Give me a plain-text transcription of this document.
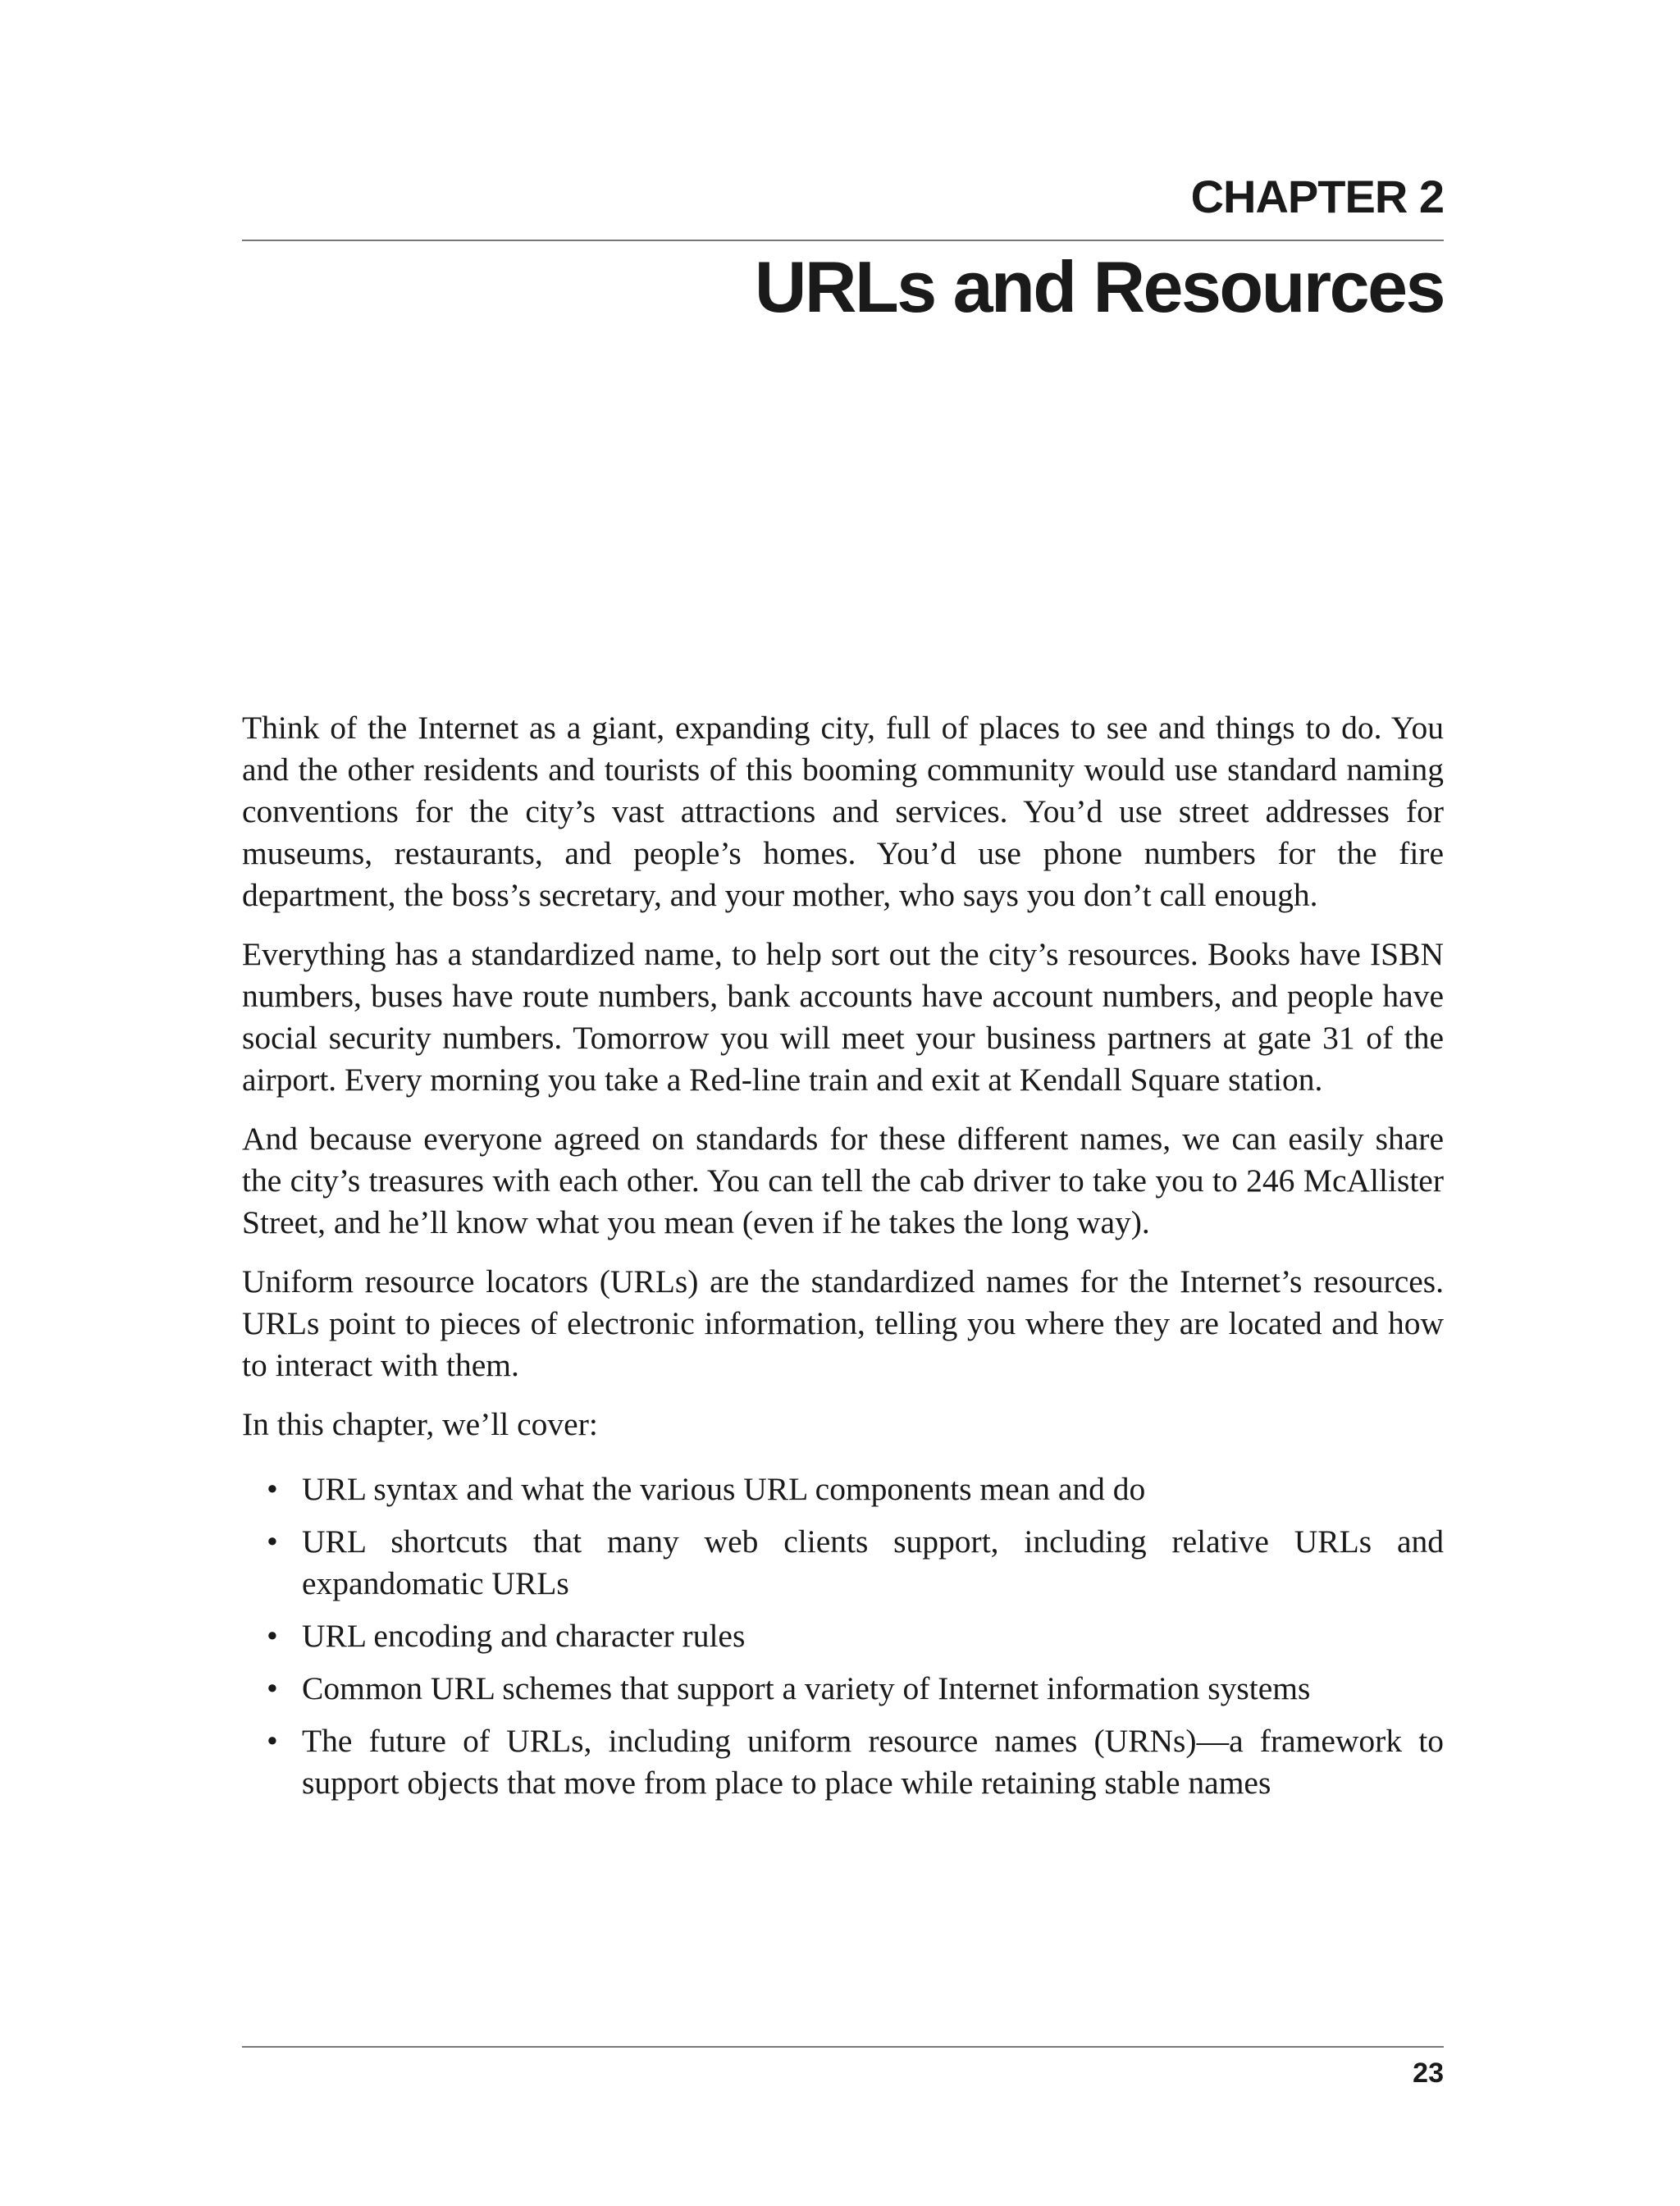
CHAPTER 2
URLs and Resources

Think of the Internet as a giant, expanding city, full of places to see and things to do. You and the other residents and tourists of this booming community would use standard naming conventions for the city’s vast attractions and services. You’d use street addresses for museums, restaurants, and people’s homes. You’d use phone numbers for the fire department, the boss’s secretary, and your mother, who says you don’t call enough.

Everything has a standardized name, to help sort out the city’s resources. Books have ISBN numbers, buses have route numbers, bank accounts have account numbers, and people have social security numbers. Tomorrow you will meet your business partners at gate 31 of the airport. Every morning you take a Red-line train and exit at Kendall Square station.

And because everyone agreed on standards for these different names, we can easily share the city’s treasures with each other. You can tell the cab driver to take you to 246 McAllister Street, and he’ll know what you mean (even if he takes the long way).

Uniform resource locators (URLs) are the standardized names for the Internet’s resources. URLs point to pieces of electronic information, telling you where they are located and how to interact with them.

In this chapter, we’ll cover:

• URL syntax and what the various URL components mean and do
• URL shortcuts that many web clients support, including relative URLs and expandomatic URLs
• URL encoding and character rules
• Common URL schemes that support a variety of Internet information systems
• The future of URLs, including uniform resource names (URNs)—a framework to support objects that move from place to place while retaining stable names

23
